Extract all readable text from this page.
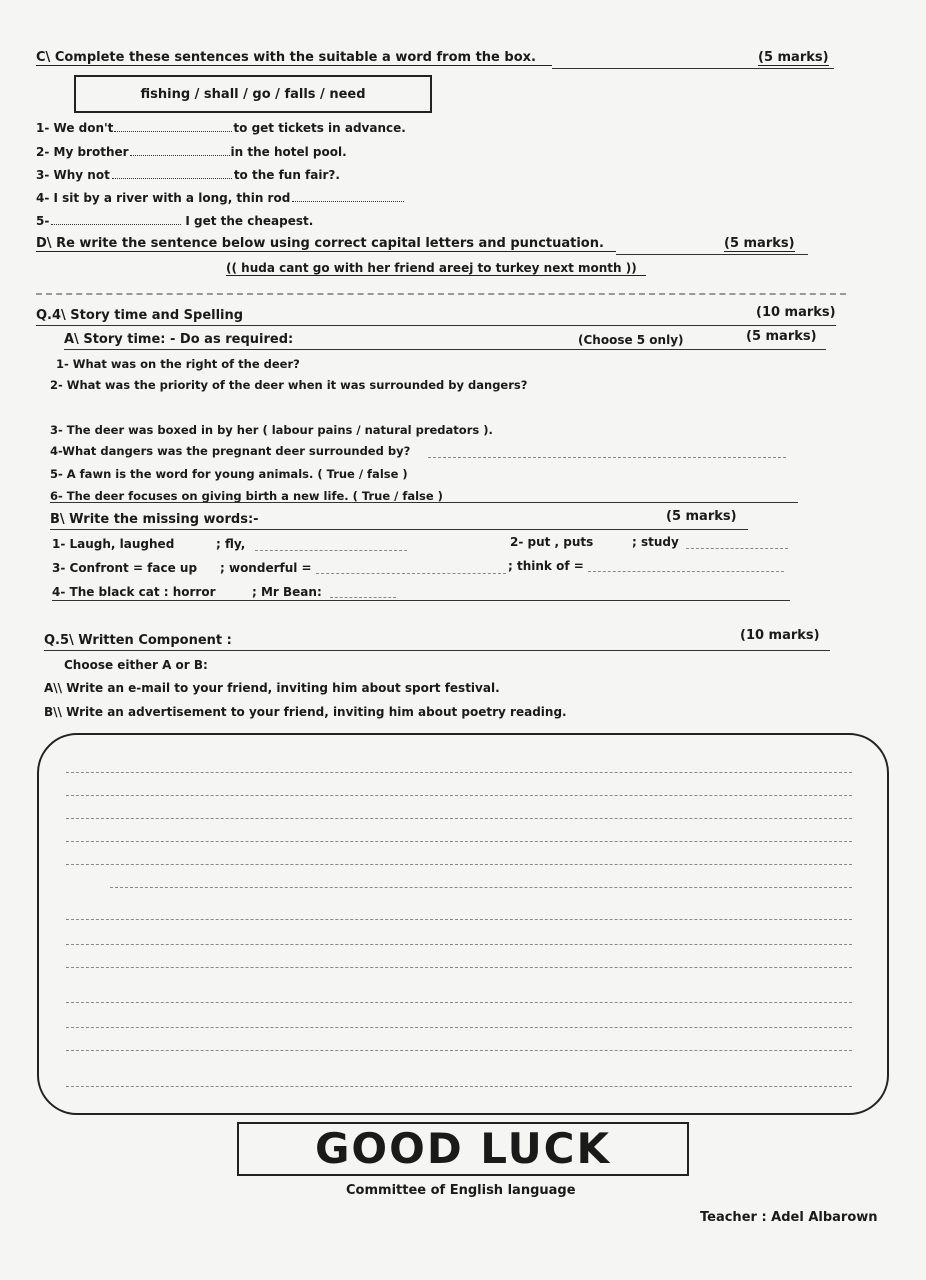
C\ Complete these sentences with the suitable a word from the box.	(5 marks)
fishing / shall / go / falls / need
1- We don't	to get tickets in advance.
2- My brother	in the hotel pool.
3- Why not	to the fun fair?.
4- I sit by a river with a long, thin rod
5-	I get the cheapest.
D\ Re write the sentence below using correct capital letters and punctuation.	(5 marks)
(( huda cant go with her friend areej to turkey next month ))
Q.4\ Story time and Spelling	(10 marks)
A\ Story time: - Do as required:	(Choose 5 only)	(5 marks)
1- What was on the right of the deer?
2- What was the priority of the deer when it was surrounded by dangers?
3- The deer was boxed in by her ( labour pains / natural predators ).
4-What dangers was the pregnant deer surrounded by?
5- A fawn is the word for young animals. ( True / false )
6- The deer focuses on giving birth a new life. ( True / false )
B\ Write the missing words:-	(5 marks)
1- Laugh, laughed	; fly,	2- put , puts	; study
3- Confront = face up ; wonderful =	; think of =
4- The black cat : horror	; Mr Bean:
Q.5\ Written Component :	(10 marks)
Choose either A or B:
A\\ Write an e-mail to your friend, inviting him about sport festival.
B\\ Write an advertisement to your friend, inviting him about poetry reading.
GOOD LUCK
Committee of English language
Teacher : Adel Albarown
